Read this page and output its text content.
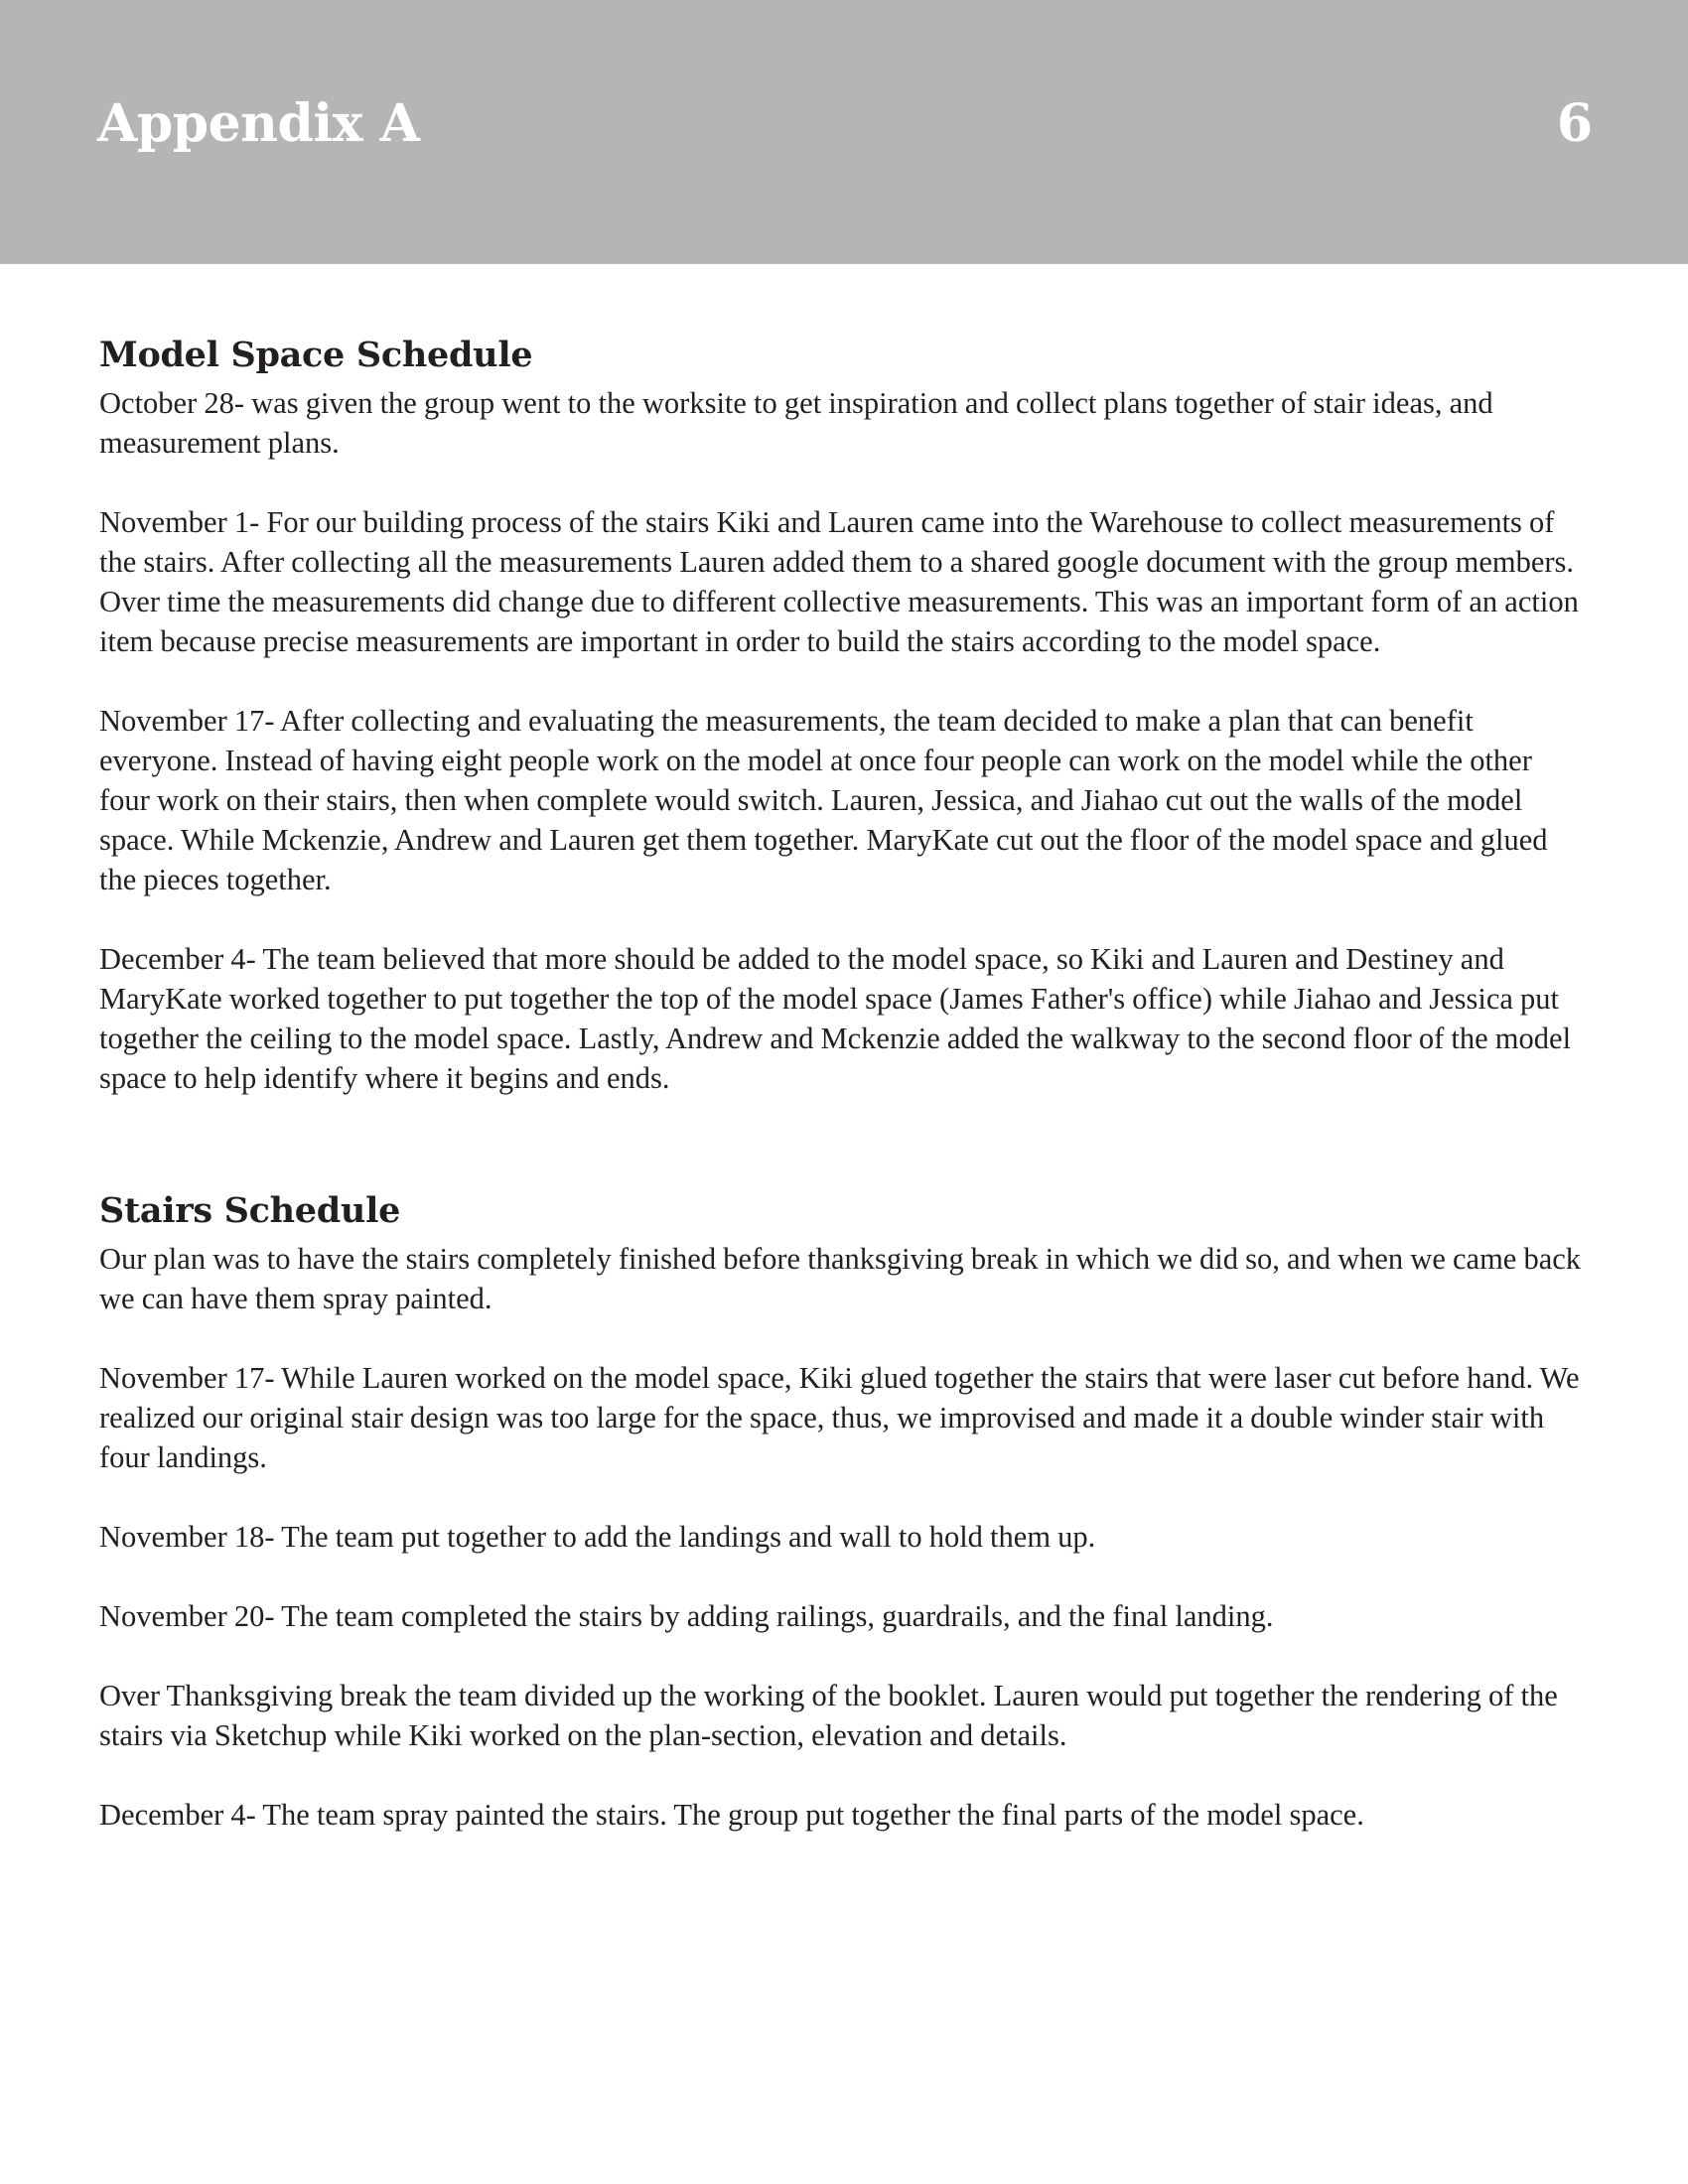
Appendix A	6
Model Space Schedule

October 28- was given the group went to the worksite to get inspiration and collect plans together of stair ideas, and measurement plans.

November 1- For our building process of the stairs Kiki and Lauren came into the Warehouse to collect measurements of the stairs. After collecting all the measurements Lauren added them to a shared google document with the group members. Over time the measurements did change due to different collective measurements. This was an important form of an action item because precise measurements are important in order to build the stairs according to the model space.

November 17- After collecting and evaluating the measurements, the team decided to make a plan that can benefit everyone. Instead of having eight people work on the model at once four people can work on the model while the other four work on their stairs, then when complete would switch. Lauren, Jessica, and Jiahao cut out the walls of the model space. While Mckenzie, Andrew and Lauren get them together. MaryKate cut out the floor of the model space and glued the pieces together.

December 4- The team believed that more should be added to the model space, so Kiki and Lauren and Destiney and MaryKate worked together to put together the top of the model space (James Father's office) while Jiahao and Jessica put together the ceiling to the model space. Lastly, Andrew and Mckenzie added the walkway to the second floor of the model space to help identify where it begins and ends.

Stairs Schedule

Our plan was to have the stairs completely finished before thanksgiving break in which we did so, and when we came back we can have them spray painted.

November 17- While Lauren worked on the model space, Kiki glued together the stairs that were laser cut before hand. We realized our original stair design was too large for the space, thus, we improvised and made it a double winder stair with four landings.

November 18- The team put together to add the landings and wall to hold them up.

November 20- The team completed the stairs by adding railings, guardrails, and the final landing.

Over Thanksgiving break the team divided up the working of the booklet. Lauren would put together the rendering of the stairs via Sketchup while Kiki worked on the plan-section, elevation and details.

December 4- The team spray painted the stairs. The group put together the final parts of the model space.
